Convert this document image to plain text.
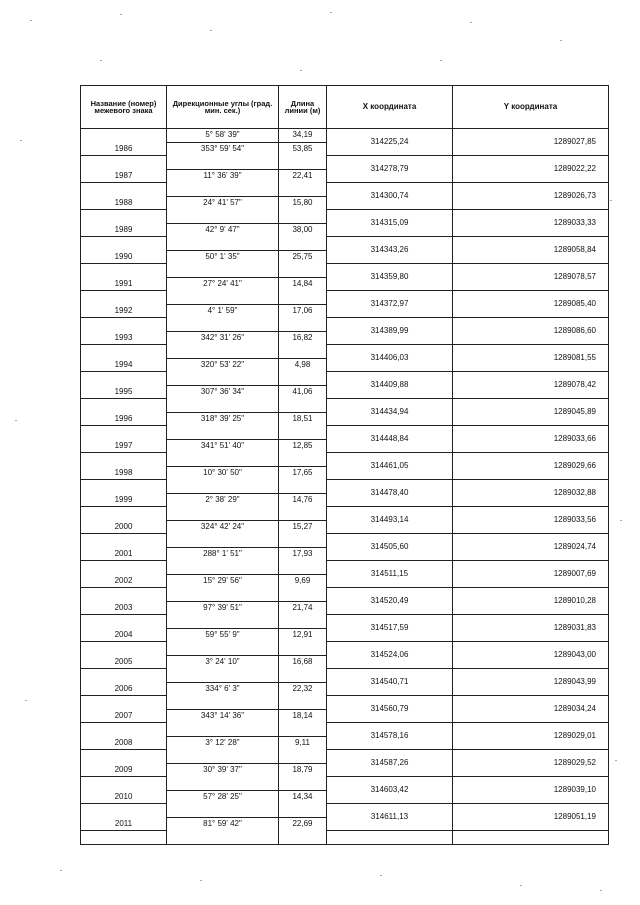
Название (номер) межевого знака	Дирекционные углы (град. мин. сек.)	Длина линии (м)	X координата	Y координата
1986	5° 58' 39"	34,19	314225,24	1289027,85
	353° 59' 54"	53,85		
1987			314278,79	1289022,22
	11° 36' 39"	22,41		
1988			314300,74	1289026,73
	24° 41' 57"	15,80		
1989			314315,09	1289033,33
	42° 9' 47"	38,00		
1990			314343,26	1289058,84
	50° 1' 35"	25,75		
1991			314359,80	1289078,57
	27° 24' 41"	14,84		
1992			314372,97	1289085,40
	4° 1' 59"	17,06		
1993			314389,99	1289086,60
	342° 31' 26"	16,82		
1994			314406,03	1289081,55
	320° 53' 22"	4,98		
1995			314409,88	1289078,42
	307° 36' 34"	41,06		
1996			314434,94	1289045,89
	318° 39' 25"	18,51		
1997			314448,84	1289033,66
	341° 51' 40"	12,85		
1998			314461,05	1289029,66
	10° 30' 50"	17,65		
1999			314478,40	1289032,88
	2° 38' 29"	14,76		
2000			314493,14	1289033,56
	324° 42' 24"	15,27		
2001			314505,60	1289024,74
	288° 1' 51"	17,93		
2002			314511,15	1289007,69
	15° 29' 56"	9,69		
2003			314520,49	1289010,28
	97° 39' 51"	21,74		
2004			314517,59	1289031,83
	59° 55' 9"	12,91		
2005			314524,06	1289043,00
	3° 24' 10"	16,68		
2006			314540,71	1289043,99
	334° 6' 3"	22,32		
2007			314560,79	1289034,24
	343° 14' 36"	18,14		
2008			314578,16	1289029,01
	3° 12' 28"	9,11		
2009			314587,26	1289029,52
	30° 39' 37"	18,79		
2010			314603,42	1289039,10
	57° 28' 25"	14,34		
2011			314611,13	1289051,19
	81° 59' 42"	22,69		
